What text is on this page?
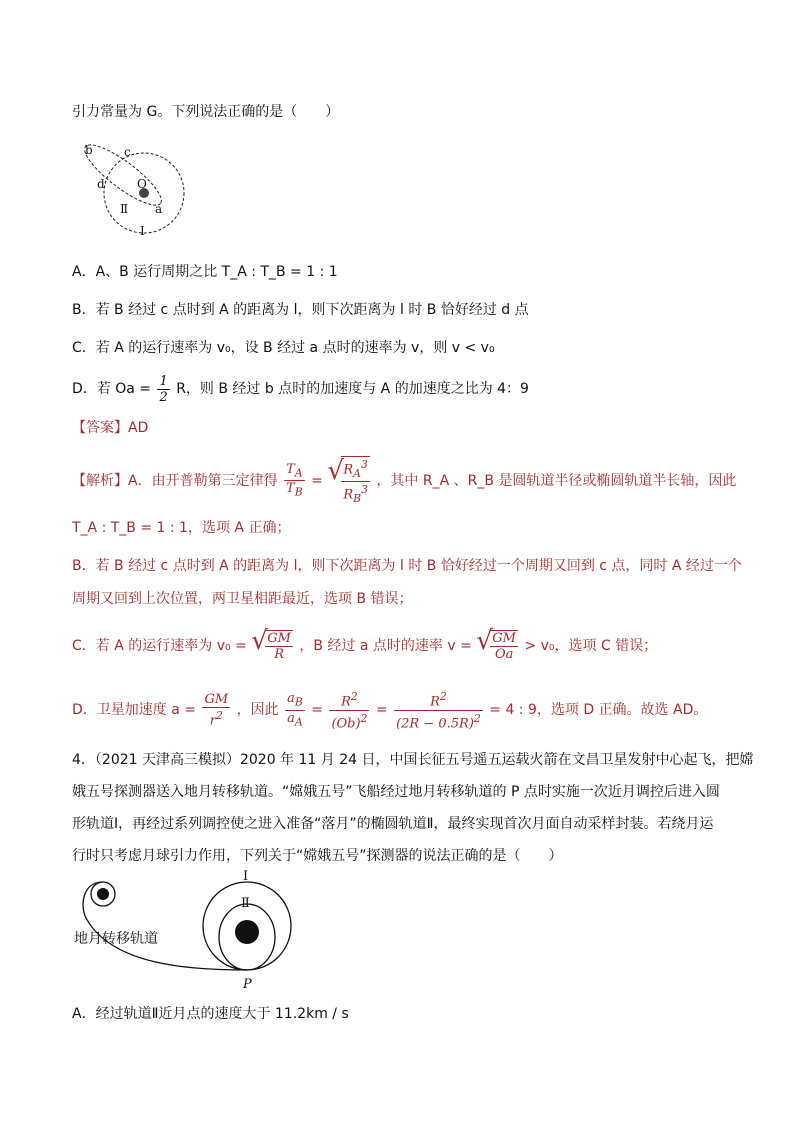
引力常量为 G。下列说法正确的是（　　）
b	c
d	O
a
Ⅱ
Ⅰ
A．A、B 运行周期之比 T_A : T_B = 1 : 1
B．若 B 经过 c 点时到 A 的距离为 l，则下次距离为 l 时 B 恰好经过 d 点
C．若 A 的运行速率为 v₀，设 B 经过 a 点时的速率为 v，则 v < v₀
D．若 $Oa = \frac{1}{2}$ R，则 B 经过 b 点时的加速度与 A 的加速度之比为 4：9
【答案】AD
【解析】A．由开普勒第三定律得 $\frac{T_A}{T_B}$ = √ $\frac{R_A^3}{R_B^3}$ ，其中 R_A 、R_B 是圆轨道半径或椭圆轨道半长轴，因此
T_A : T_B = 1 : 1，选项 A 正确；
B．若 B 经过 c 点时到 A 的距离为 l，则下次距离为 l 时 B 恰好经过一个周期又回到 c 点，同时 A 经过一个
周期又回到上次位置，两卫星相距最近，选项 B 错误；
C．若 A 的运行速率为 v₀ = √ $\frac{GM}{R}$ ，B 经过 a 点时的速率 v = √ $\frac{GM}{Oa} > v_0$，选项 C 错误；
D．卫星加速度 $a = \frac{GM}{r^2}$ ，因此 $\frac{a_B}{a_A} = \frac{R^2}{(Ob)^2} = \frac{R^2}{(2R - 0.5R)^2} = 4$ : 9，选项 D 正确。故选 AD。
4．（2021 天津高三模拟）2020 年 11 月 24 日，中国长征五号遥五运载火箭在文昌卫星发射中心起飞，把嫦
娥五号探测器送入地月转移轨道。“嫦娥五号”飞船经过地月转移轨道的 P 点时实施一次近月调控后进入圆
形轨道Ⅰ，再经过系列调控使之进入准备“落月”的椭圆轨道Ⅱ，最终实现首次月面自动采样封装。若绕月运
行时只考虑月球引力作用，下列关于“嫦娥五号”探测器的说法正确的是（　　）
Ⅰ
Ⅱ
P
地月转移轨道
A．经过轨道Ⅱ近月点的速度大于 11.2km / s
